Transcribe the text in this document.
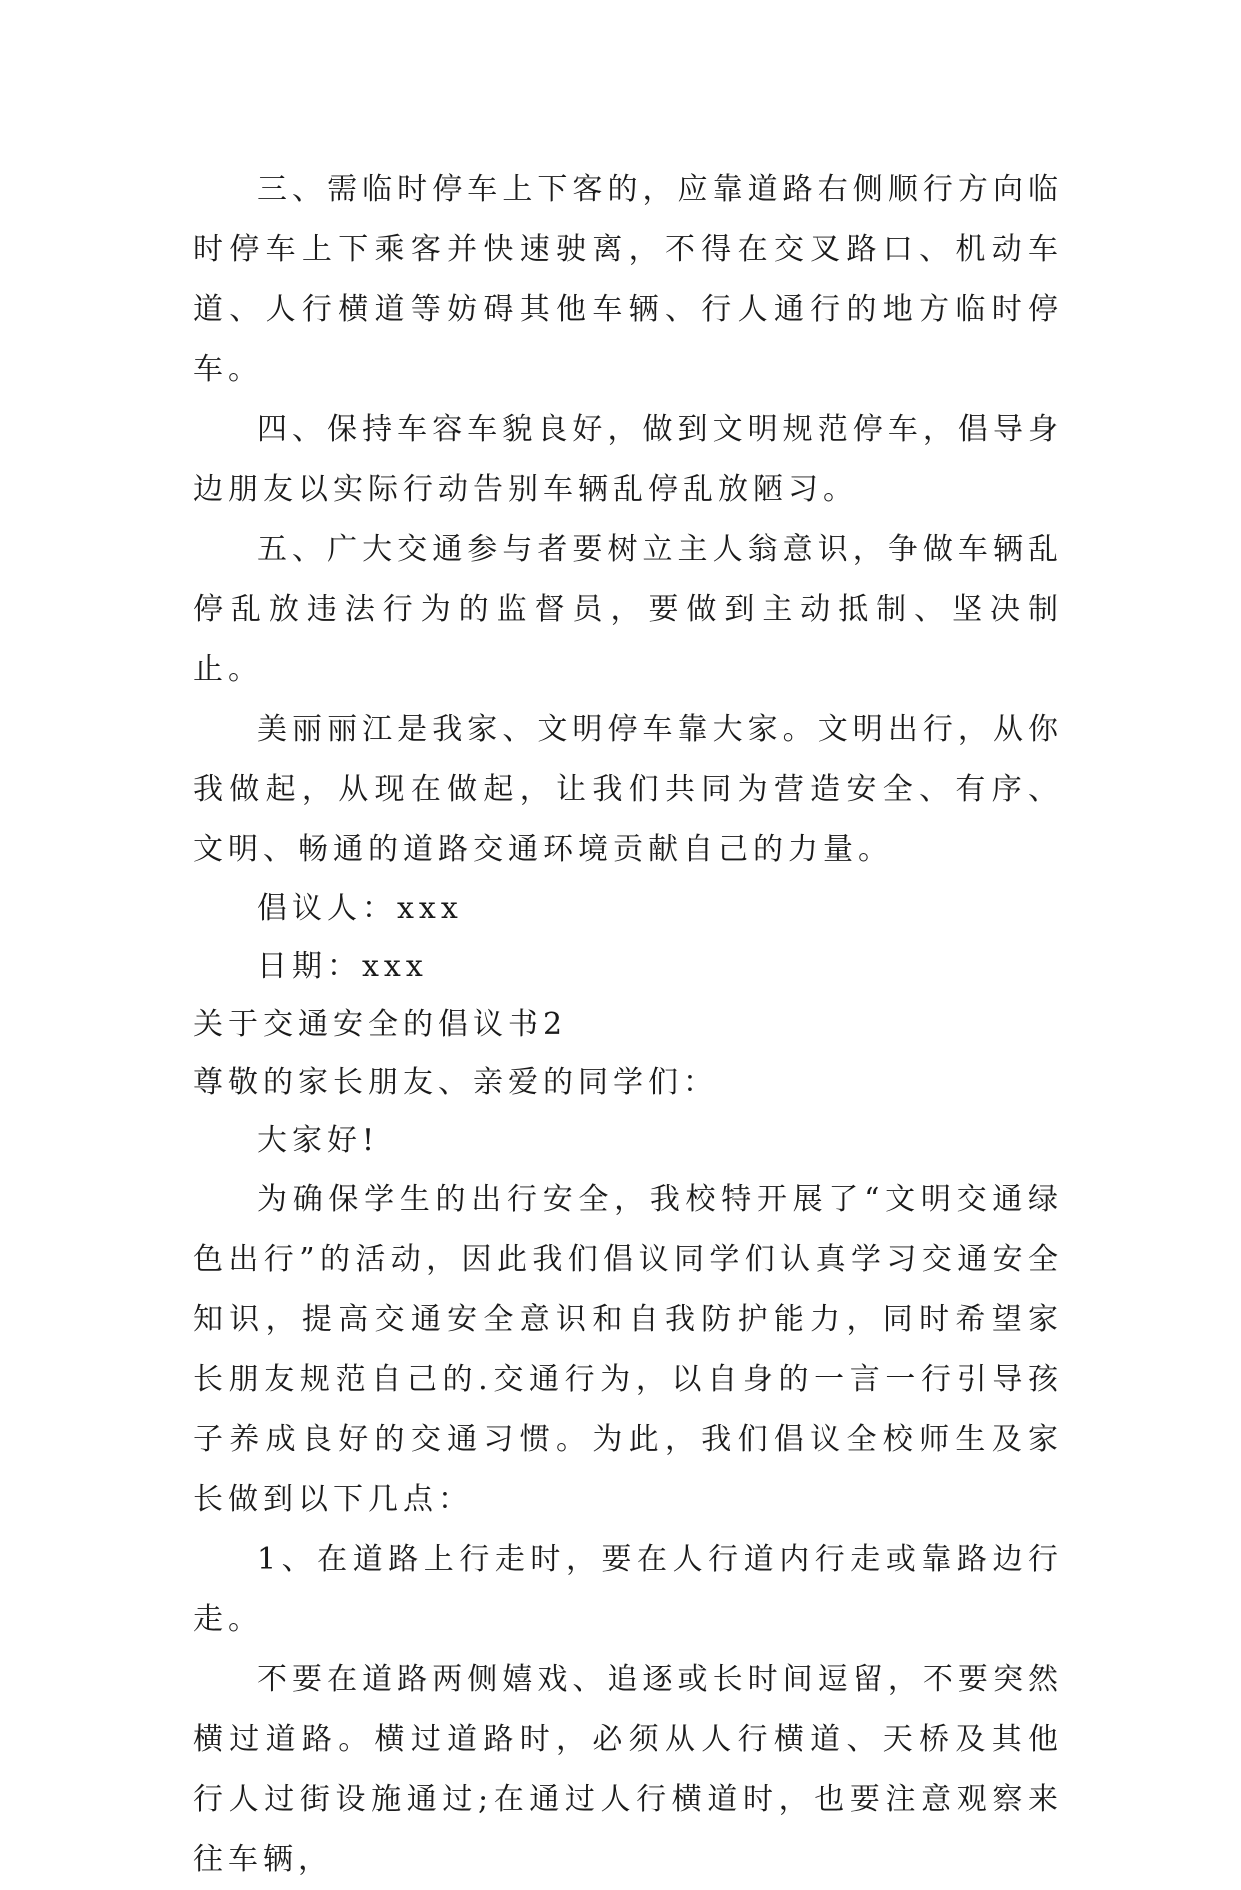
三、需临时停车上下客的，应靠道路右侧顺行方向临时停车上下乘客并快速驶离，不得在交叉路口、机动车道、人行横道等妨碍其他车辆、行人通行的地方临时停车。

四、保持车容车貌良好，做到文明规范停车，倡导身边朋友以实际行动告别车辆乱停乱放陋习。

五、广大交通参与者要树立主人翁意识，争做车辆乱停乱放违法行为的监督员，要做到主动抵制、坚决制止。

美丽丽江是我家、文明停车靠大家。文明出行，从你我做起，从现在做起，让我们共同为营造安全、有序、文明、畅通的道路交通环境贡献自己的力量。

倡议人：xxx

日期：xxx

关于交通安全的倡议书2

尊敬的家长朋友、亲爱的同学们：

大家好!

为确保学生的出行安全，我校特开展了“文明交通绿色出行”的活动，因此我们倡议同学们认真学习交通安全知识，提高交通安全意识和自我防护能力，同时希望家长朋友规范自己的.交通行为，以自身的一言一行引导孩子养成良好的交通习惯。为此，我们倡议全校师生及家长做到以下几点：

1、在道路上行走时，要在人行道内行走或靠路边行走。

不要在道路两侧嬉戏、追逐或长时间逗留，不要突然横过道路。横过道路时，必须从人行横道、天桥及其他行人过街设施通过;在通过人行横道时，也要注意观察来往车辆，
